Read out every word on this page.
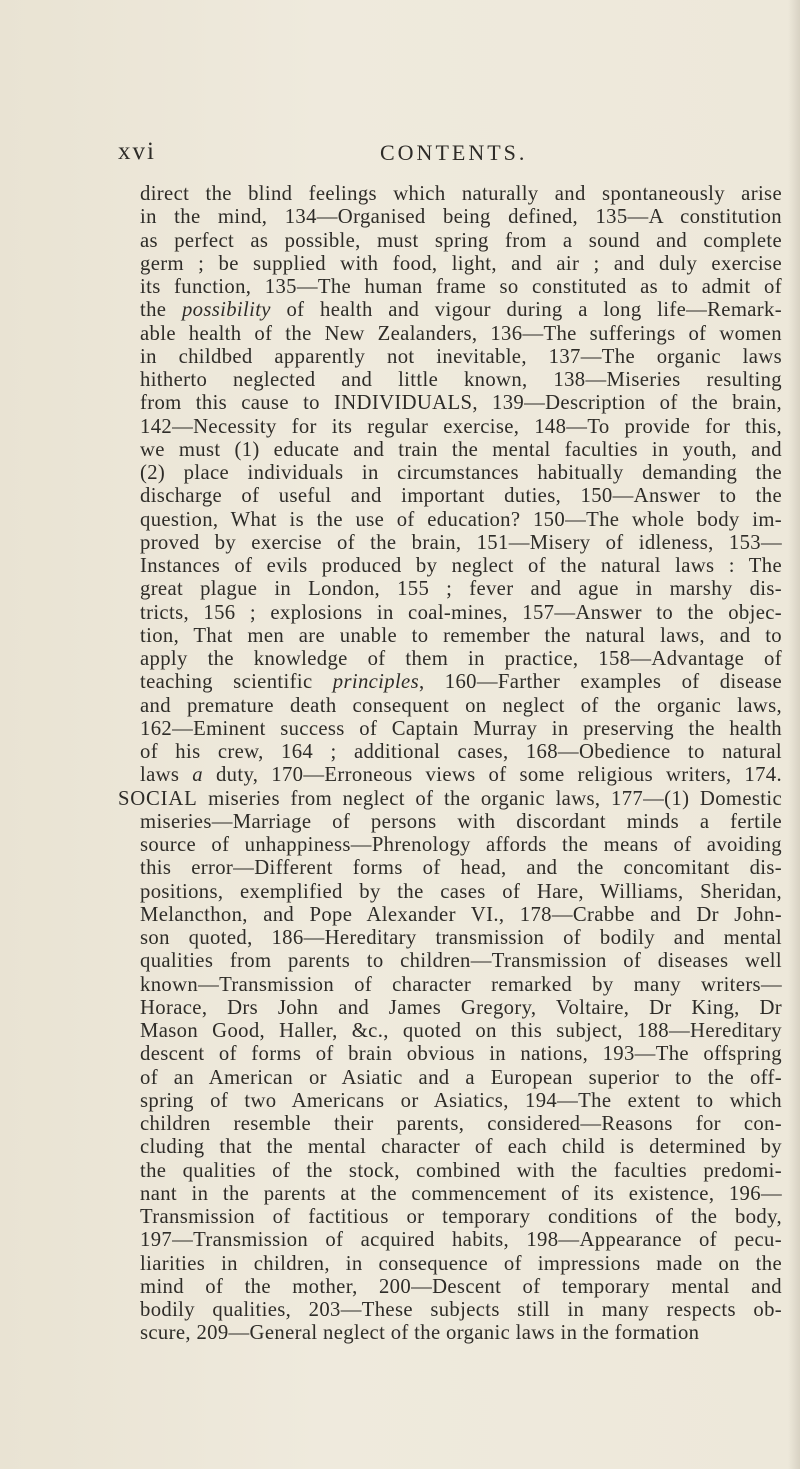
xvi	CONTENTS.
direct the blind feelings which naturally and spontaneously arise
in the mind, 134—Organised being defined, 135—A constitution
as perfect as possible, must spring from a sound and complete
germ ; be supplied with food, light, and air ; and duly exercise
its function, 135—The human frame so constituted as to admit of
the possibility of health and vigour during a long life—Remark-
able health of the New Zealanders, 136—The sufferings of women
in childbed apparently not inevitable, 137—The organic laws
hitherto neglected and little known, 138—Miseries resulting
from this cause to INDIVIDUALS, 139—Description of the brain,
142—Necessity for its regular exercise, 148—To provide for this,
we must (1) educate and train the mental faculties in youth, and
(2) place individuals in circumstances habitually demanding the
discharge of useful and important duties, 150—Answer to the
question, What is the use of education? 150—The whole body im-
proved by exercise of the brain, 151—Misery of idleness, 153—
Instances of evils produced by neglect of the natural laws : The
great plague in London, 155 ; fever and ague in marshy dis-
tricts, 156 ; explosions in coal-mines, 157—Answer to the objec-
tion, That men are unable to remember the natural laws, and to
apply the knowledge of them in practice, 158—Advantage of
teaching scientific principles, 160—Farther examples of disease
and premature death consequent on neglect of the organic laws,
162—Eminent success of Captain Murray in preserving the health
of his crew, 164 ; additional cases, 168—Obedience to natural
laws a duty, 170—Erroneous views of some religious writers, 174.
SOCIAL miseries from neglect of the organic laws, 177—(1) Domestic
miseries—Marriage of persons with discordant minds a fertile
source of unhappiness—Phrenology affords the means of avoiding
this error—Different forms of head, and the concomitant dis-
positions, exemplified by the cases of Hare, Williams, Sheridan,
Melancthon, and Pope Alexander VI., 178—Crabbe and Dr John-
son quoted, 186—Hereditary transmission of bodily and mental
qualities from parents to children—Transmission of diseases well
known—Transmission of character remarked by many writers—
Horace, Drs John and James Gregory, Voltaire, Dr King, Dr
Mason Good, Haller, &c., quoted on this subject, 188—Hereditary
descent of forms of brain obvious in nations, 193—The offspring
of an American or Asiatic and a European superior to the off-
spring of two Americans or Asiatics, 194—The extent to which
children resemble their parents, considered—Reasons for con-
cluding that the mental character of each child is determined by
the qualities of the stock, combined with the faculties predomi-
nant in the parents at the commencement of its existence, 196—
Transmission of factitious or temporary conditions of the body,
197—Transmission of acquired habits, 198—Appearance of pecu-
liarities in children, in consequence of impressions made on the
mind of the mother, 200—Descent of temporary mental and
bodily qualities, 203—These subjects still in many respects ob-
scure, 209—General neglect of the organic laws in the formation
